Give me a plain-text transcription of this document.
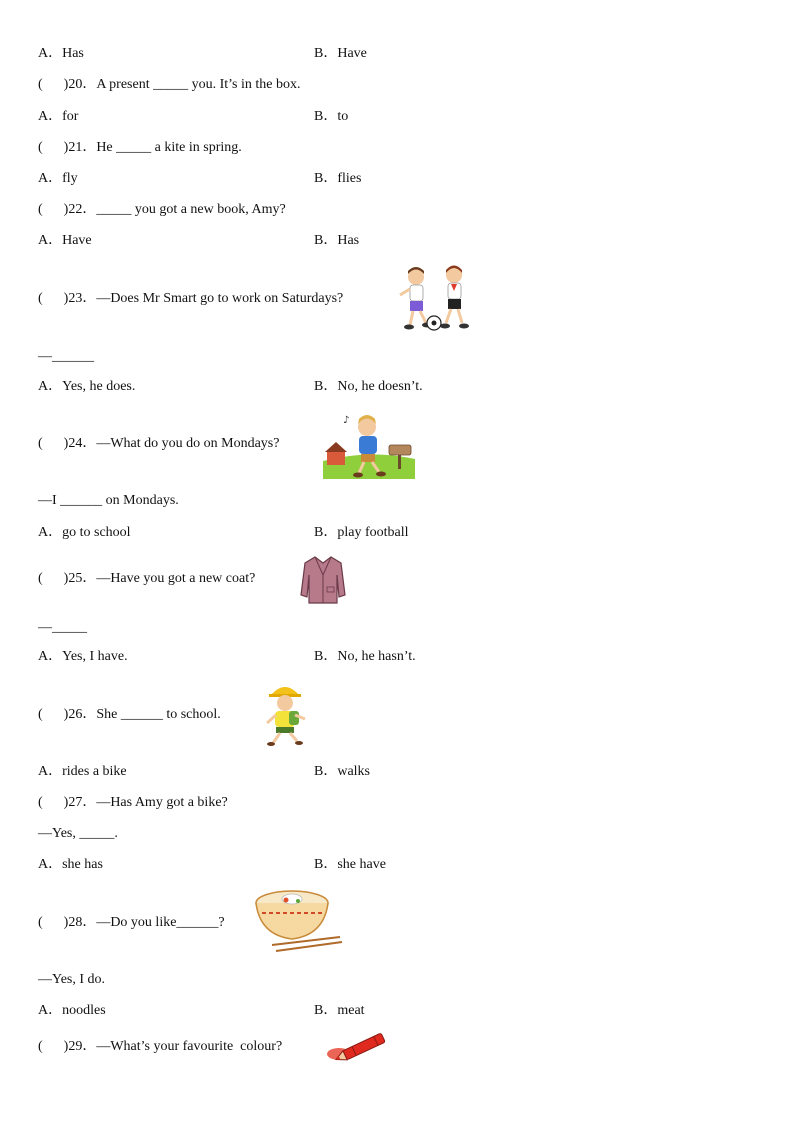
A．Has	B．Have
(      )20．A present _____ you. It’s in the box.
A．for	B．to
(      )21．He _____ a kite in spring.
A．fly	B．flies
(      )22．_____ you got a new book, Amy?
A．Have	B．Has
(      )23．—Does Mr Smart go to work on Saturdays?
—______
A．Yes, he does.	B．No, he doesn’t.
(      )24．—What do you do on Mondays?
♪
—I ______ on Mondays.
A．go to school	B．play football
(      )25．—Have you got a new coat?
—_____
A．Yes, I have.	B．No, he hasn’t.
(      )26．She ______ to school.
A．rides a bike	B．walks
(      )27．—Has Amy got a bike?
—Yes, _____.
A．she has	B．she have
(      )28．—Do you like______?
—Yes, I do.
A．noodles	B．meat
(      )29．—What’s your favourite  colour?
